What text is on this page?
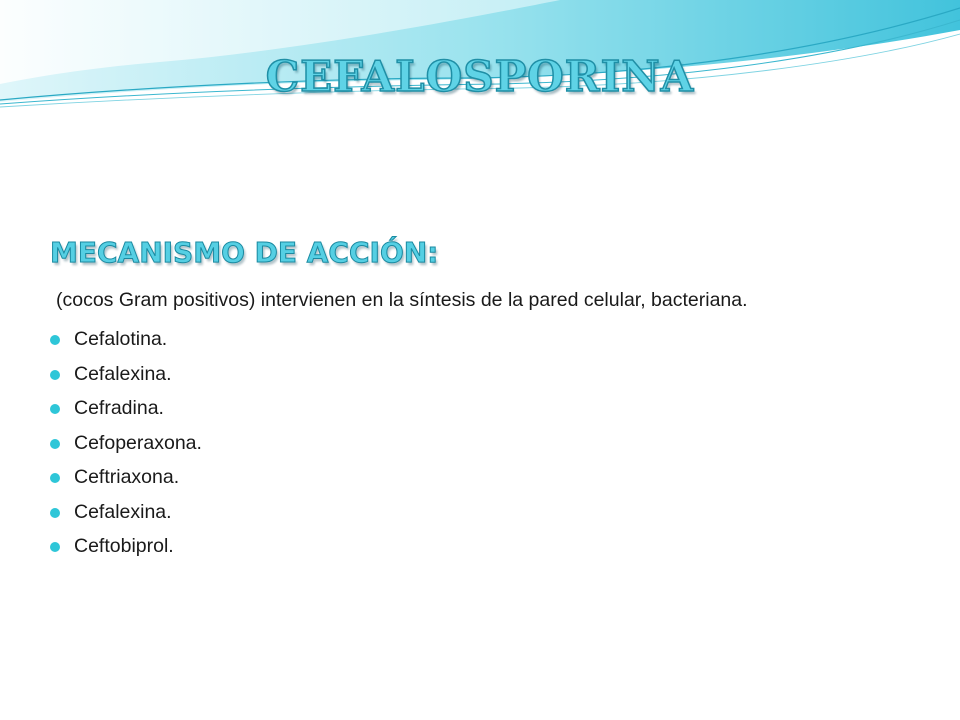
CEFALOSPORINA
MECANISMO DE ACCIÓN:
(cocos Gram positivos) intervienen en la síntesis de la pared celular, bacteriana.
Cefalotina.
Cefalexina.
Cefradina.
Cefoperaxona.
Ceftriaxona.
Cefalexina.
Ceftobiprol.
